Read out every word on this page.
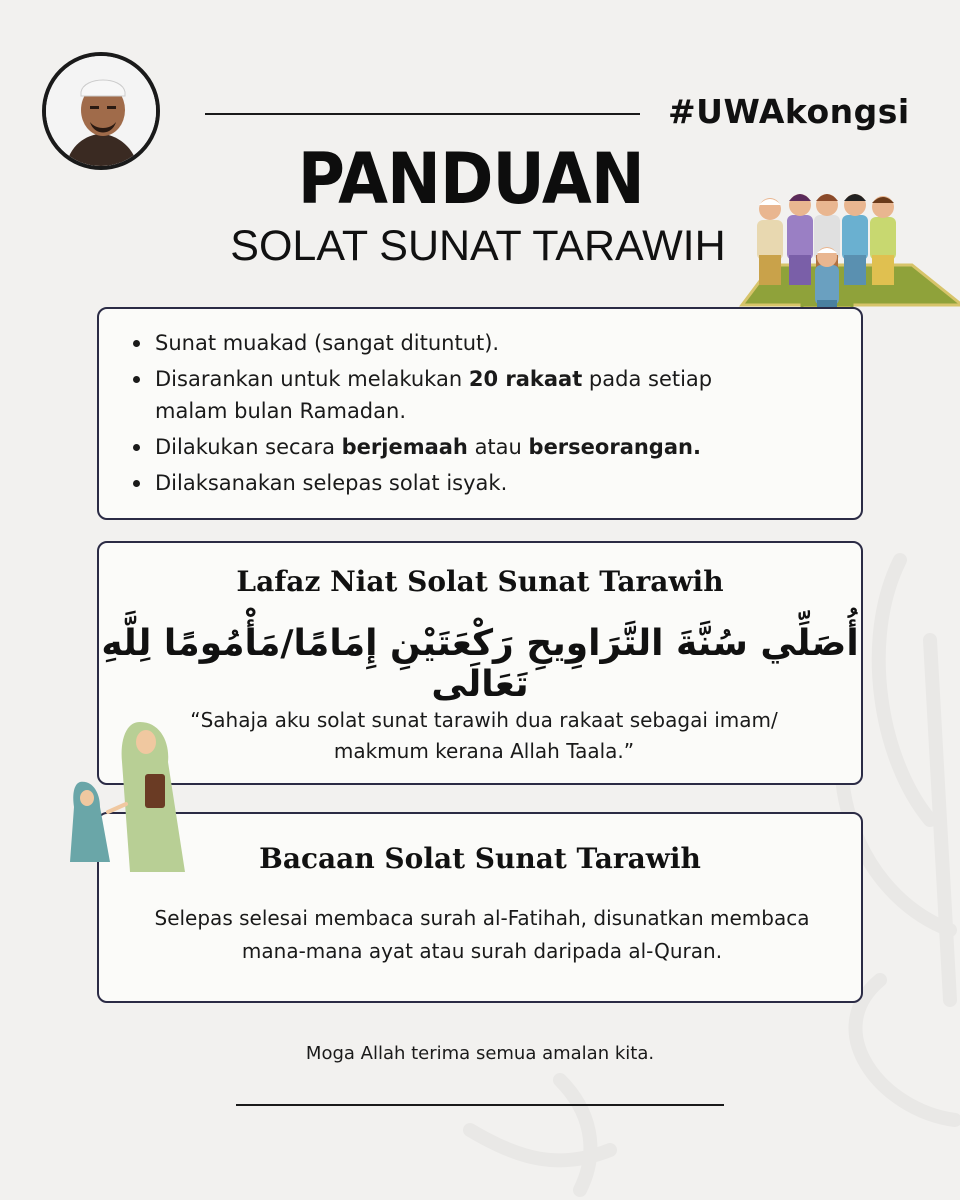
#UWAkongsi
PANDUAN
SOLAT SUNAT TARAWIH
Sunat muakad (sangat dituntut).
Disarankan untuk melakukan 20 rakaat pada setiap malam bulan Ramadan.
Dilakukan secara berjemaah atau berseorangan.
Dilaksanakan selepas solat isyak.
Lafaz Niat Solat Sunat Tarawih
أُصَلِّي سُنَّةَ التَّرَاوِيحِ رَكْعَتَيْنِ إِمَامًا/مَأْمُومًا لِلَّهِ تَعَالَى
“Sahaja aku solat sunat tarawih dua rakaat sebagai imam/ makmum kerana Allah Taala.”
Bacaan Solat Sunat Tarawih
Selepas selesai membaca surah al-Fatihah, disunatkan membaca mana-mana ayat atau surah daripada al-Quran.
Moga Allah terima semua amalan kita.
